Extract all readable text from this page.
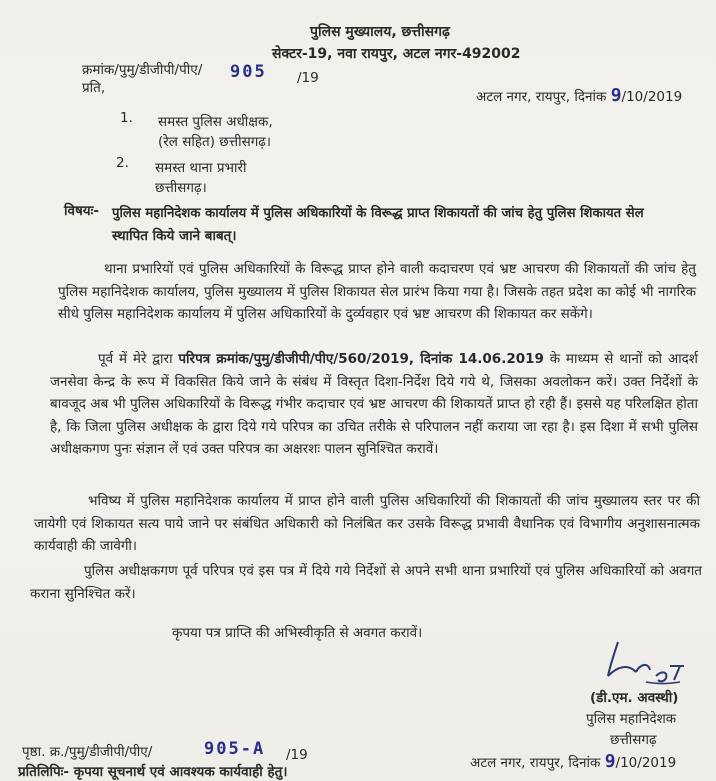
पुलिस मुख्यालय, छत्तीसगढ़
सेक्टर-19, नवा रायपुर, अटल नगर-492002
क्रमांक/पुमु/डीजीपी/पीए/ 905 /19
प्रति,
अटल नगर, रायपुर, दिनांक 9/10/2019
1. समस्त पुलिस अधीक्षक,
(रेल सहित) छत्तीसगढ़।
2. समस्त थाना प्रभारी
छत्तीसगढ़।
विषयः- पुलिस महानिदेशक कार्यालय में पुलिस अधिकारियों के विरूद्ध प्राप्त शिकायतों की जांच हेतु पुलिस शिकायत सेल
स्थापित किये जाने बाबत्।
थाना प्रभारियों एवं पुलिस अधिकारियों के विरूद्ध प्राप्त होने वाली कदाचरण एवं भ्रष्ट आचरण की शिकायतों की जांच हेतु पुलिस महानिदेशक कार्यालय, पुलिस मुख्यालय में पुलिस शिकायत सेल प्रारंभ किया गया है। जिसके तहत प्रदेश का कोई भी नागरिक सीधे पुलिस महानिदेशक कार्यालय में पुलिस अधिकारियों के दुर्व्यवहार एवं भ्रष्ट आचरण की शिकायत कर सकेंगे।
पूर्व में मेरे द्वारा परिपत्र क्रमांक/पुमु/डीजीपी/पीए/560/2019, दिनांक 14.06.2019 के माध्यम से थानों को आदर्श जनसेवा केन्द्र के रूप में विकसित किये जाने के संबंध में विस्तृत दिशा-निर्देश दिये गये थे, जिसका अवलोकन करें। उक्त निर्देशों के बावजूद अब भी पुलिस अधिकारियों के विरूद्ध गंभीर कदाचार एवं भ्रष्ट आचरण की शिकायतें प्राप्त हो रही हैं। इससे यह परिलक्षित होता है, कि जिला पुलिस अधीक्षक के द्वारा दिये गये परिपत्र का उचित तरीके से परिपालन नहीं कराया जा रहा है। इस दिशा में सभी पुलिस अधीक्षकगण पुनः संज्ञान लें एवं उक्त परिपत्र का अक्षरशः पालन सुनिश्चित करावें।
भविष्य में पुलिस महानिदेशक कार्यालय में प्राप्त होने वाली पुलिस अधिकारियों की शिकायतों की जांच मुख्यालय स्तर पर की जायेगी एवं शिकायत सत्य पाये जाने पर संबंधित अधिकारी को निलंबित कर उसके विरूद्ध प्रभावी वैधानिक एवं विभागीय अनुशासनात्मक कार्यवाही की जावेगी।
पुलिस अधीक्षकगण पूर्व परिपत्र एवं इस पत्र में दिये गये निर्देशों से अपने सभी थाना प्रभारियों एवं पुलिस अधिकारियों को अवगत कराना सुनिश्चित करें।
कृपया पत्र प्राप्ति की अभिस्वीकृति से अवगत करावें।
(डी.एम. अवस्थी)
पुलिस महानिदेशक
छत्तीसगढ़
पृष्ठा. क्र./पुमु/डीजीपी/पीए/	905-A /19	अटल नगर, रायपुर, दिनांक 9/10/2019
प्रतिलिपिः- कृपया सूचनार्थ एवं आवश्यक कार्यवाही हेतु।
